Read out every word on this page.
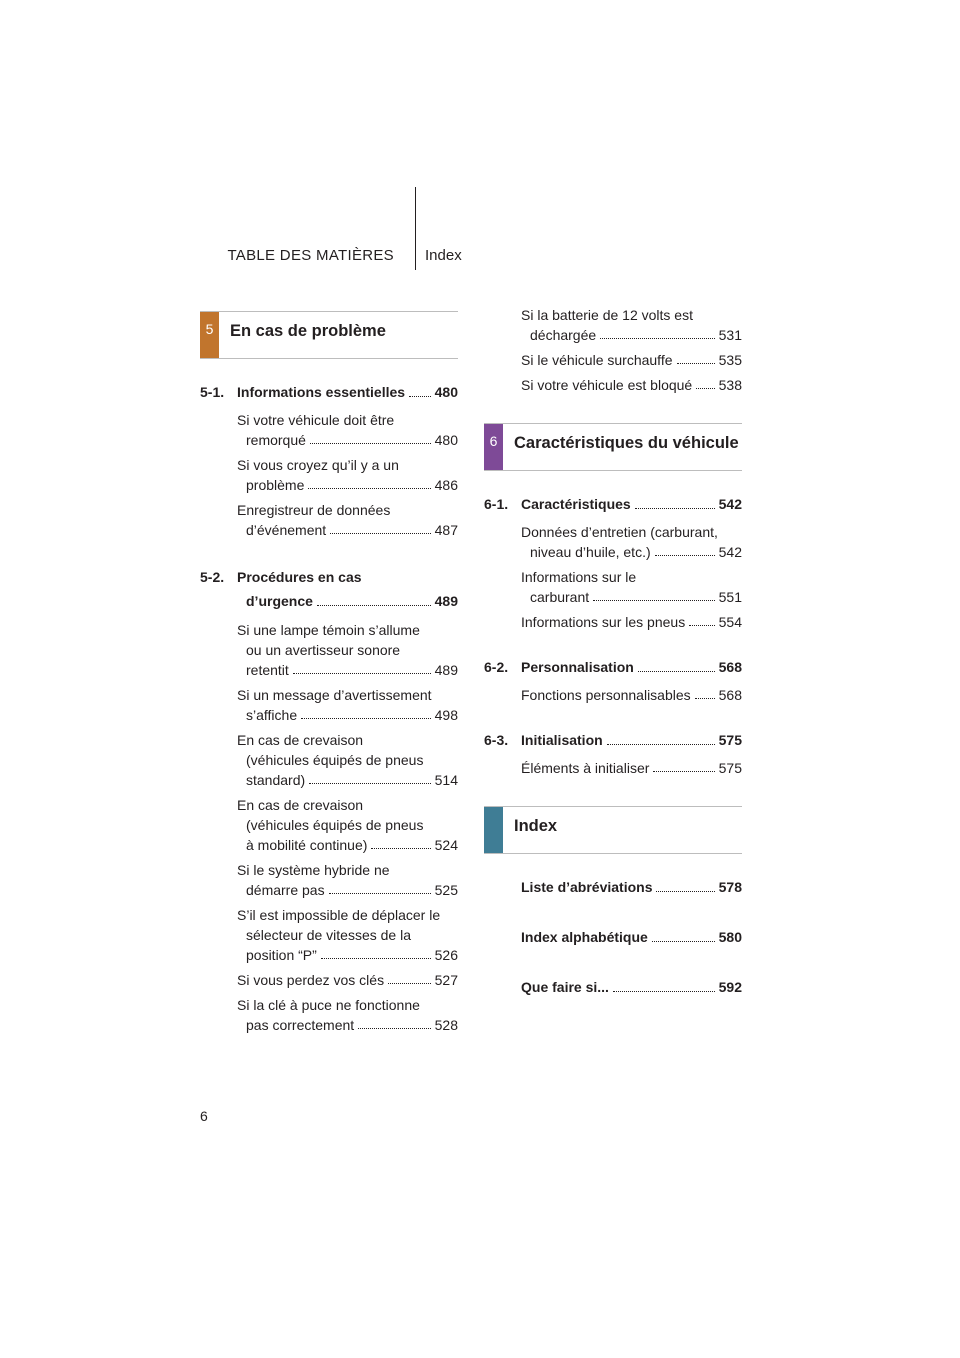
TABLE DES MATIÈRES Index
5	En cas de problème
5-1. Informations essentielles 480
Si votre véhicule doit être
remorqué	480
Si vous croyez qu’il y a un
problème	486
Enregistreur de données
d’événement	487
5-2. Procédures en cas
d’urgence	489
Si une lampe témoin s’allume
ou un avertisseur sonore
retentit	489
Si un message d’avertissement
s’affiche	498
En cas de crevaison
(véhicules équipés de pneus
standard)	514
En cas de crevaison
(véhicules équipés de pneus
à mobilité continue)	524
Si le système hybride ne
démarre pas	525
S’il est impossible de déplacer le
sélecteur de vitesses de la
position “P”	526
Si vous perdez vos clés	527
Si la clé à puce ne fonctionne
pas correctement	528
Si la batterie de 12 volts est
déchargée	531
Si le véhicule surchauffe	535
Si votre véhicule est bloqué 538
6	Caractéristiques du véhicule
6-1. Caractéristiques	542
Données d’entretien (carburant,
niveau d’huile, etc.)	542
Informations sur le
carburant	551
Informations sur les pneus 554
6-2. Personnalisation	568
Fonctions personnalisables 568
6-3. Initialisation	575
Éléments à initialiser	575
Index
Liste d’abréviations	578
Index alphabétique	580
Que faire si...	592
6
